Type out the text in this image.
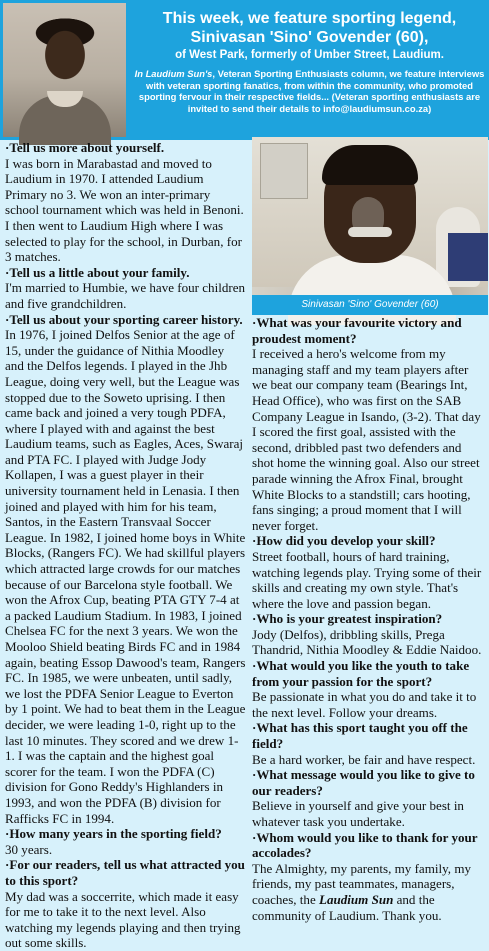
This week, we feature sporting legend,
Sinivasan 'Sino' Govender (60),
of West Park, formerly of Umber Street, Laudium.
In Laudium Sun's, Veteran Sporting Enthusiasts column, we feature interviews with veteran sporting fanatics, from within the community, who promoted sporting fervour in their respective fields... (Veteran sporting enthusiasts are invited to send their details to info@laudiumsun.co.za)
·Tell us more about yourself.
I was born in Marabastad and moved to Laudium in 1970. I attended Laudium Primary no 3. We won an inter-primary school tournament which was held in Benoni. I then went to Laudium High where I was selected to play for the school, in Durban, for 3 matches.
·Tell us a little about your family.
I'm married to Humbie, we have four children and five grandchildren.
·Tell us about your sporting career history.
In 1976, I joined Delfos Senior at the age of 15, under the guidance of Nithia Moodley and the Delfos legends. I played in the Jhb League, doing very well, but the League was stopped due to the Soweto uprising. I then came back and joined a very tough PDFA, where I played with and against the best Laudium teams, such as Eagles, Aces, Swaraj and PTA FC. I played with Judge Jody Kollapen, I was a guest player in their university tournament held in Lenasia. I then joined and played with him for his team, Santos, in the Eastern Transvaal Soccer League. In 1982, I joined home boys in White Blocks, (Rangers FC). We had skillful players which attracted large crowds for our matches because of our Barcelona style football. We won the Afrox Cup, beating PTA GTY 7-4 at a packed Laudium Stadium. In 1983, I joined Chelsea FC for the next 3 years. We won the Mooloo Shield beating Birds FC and in 1984 again, beating Essop Dawood's team, Rangers FC. In 1985, we were unbeaten, until sadly, we lost the PDFA Senior League to Everton by 1 point. We had to beat them in the League decider, we were leading 1-0, right up to the last 10 minutes. They scored and we drew 1-1. I was the captain and the highest goal scorer for the team. I won the PDFA (C) division for Gono Reddy's Highlanders in 1993, and won the PDFA (B) division for Rafficks FC in 1994.
·How many years in the sporting field?
30 years.
·For our readers, tell us what attracted you to this sport?
My dad was a soccerrite, which made it easy for me to take it to the next level. Also watching my legends playing and then trying out some skills.
Sinivasan 'Sino' Govender (60)
·What was your favourite victory and proudest moment?
I received a hero's welcome from my managing staff and my team players after we beat our company team (Bearings Int, Head Office), who was first on the SAB Company League in Isando, (3-2). That day I scored the first goal, assisted with the second, dribbled past two defenders and shot home the winning goal. Also our street parade winning the Afrox Final, brought White Blocks to a standstill; cars hooting, fans singing; a proud moment that I will never forget.
·How did you develop your skill?
Street football, hours of hard training, watching legends play. Trying some of their skills and creating my own style. That's where the love and passion began.
·Who is your greatest inspiration?
Jody (Delfos), dribbling skills, Prega Thandrid, Nithia Moodley & Eddie Naidoo.
·What would you like the youth to take from your passion for the sport?
Be passionate in what you do and take it to the next level. Follow your dreams.
·What has this sport taught you off the field?
Be a hard worker, be fair and have respect.
·What message would you like to give to our readers?
Believe in yourself and give your best in whatever task you undertake.
·Whom would you like to thank for your accolades?
The Almighty, my parents, my family, my friends, my past teammates, managers, coaches, the Laudium Sun and the community of Laudium. Thank you.
